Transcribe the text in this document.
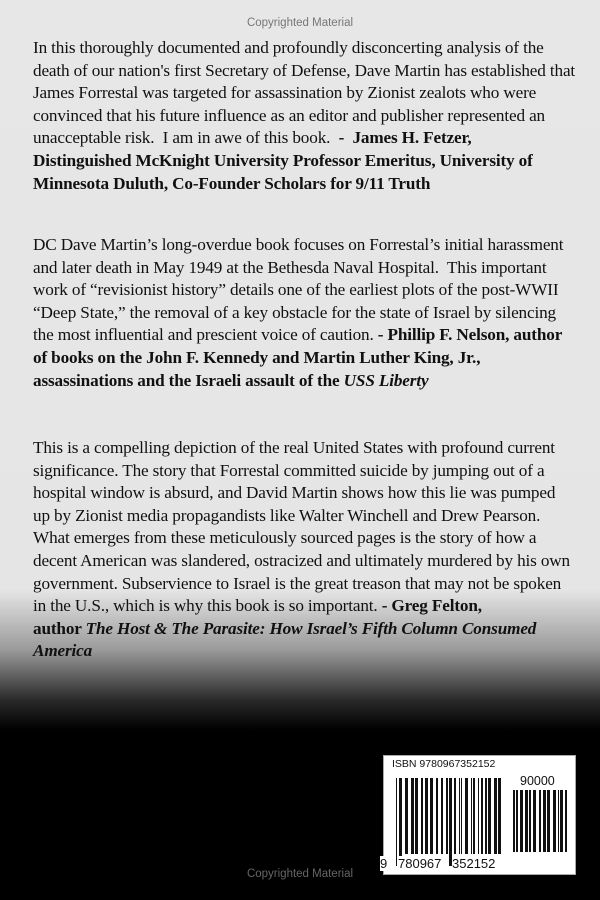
Copyrighted Material
In this thoroughly documented and profoundly disconcerting analysis of the
death of our nation's first Secretary of Defense, Dave Martin has established that
James Forrestal was targeted for assassination by Zionist zealots who were
convinced that his future influence as an editor and publisher represented an
unacceptable risk.  I am in awe of this book.  -  James H. Fetzer,
Distinguished McKnight University Professor Emeritus, University of
Minnesota Duluth, Co-Founder Scholars for 9/11 Truth
DC Dave Martin’s long-overdue book focuses on Forrestal’s initial harassment
and later death in May 1949 at the Bethesda Naval Hospital.  This important
work of “revisionist history” details one of the earliest plots of the post-WWII
“Deep State,” the removal of a key obstacle for the state of Israel by silencing
the most influential and prescient voice of caution. - Phillip F. Nelson, author
of books on the John F. Kennedy and Martin Luther King, Jr.,
assassinations and the Israeli assault of the USS Liberty
This is a compelling depiction of the real United States with profound current
significance. The story that Forrestal committed suicide by jumping out of a
hospital window is absurd, and David Martin shows how this lie was pumped
up by Zionist media propagandists like Walter Winchell and Drew Pearson.
What emerges from these meticulously sourced pages is the story of how a
decent American was slandered, ostracized and ultimately murdered by his own
government. Subservience to Israel is the great treason that may not be spoken
in the U.S., which is why this book is so important. - Greg Felton,
author The Host & The Parasite: How Israel’s Fifth Column Consumed
America
ISBN 9780967352152
90000
9 780967 352152
Copyrighted Material
